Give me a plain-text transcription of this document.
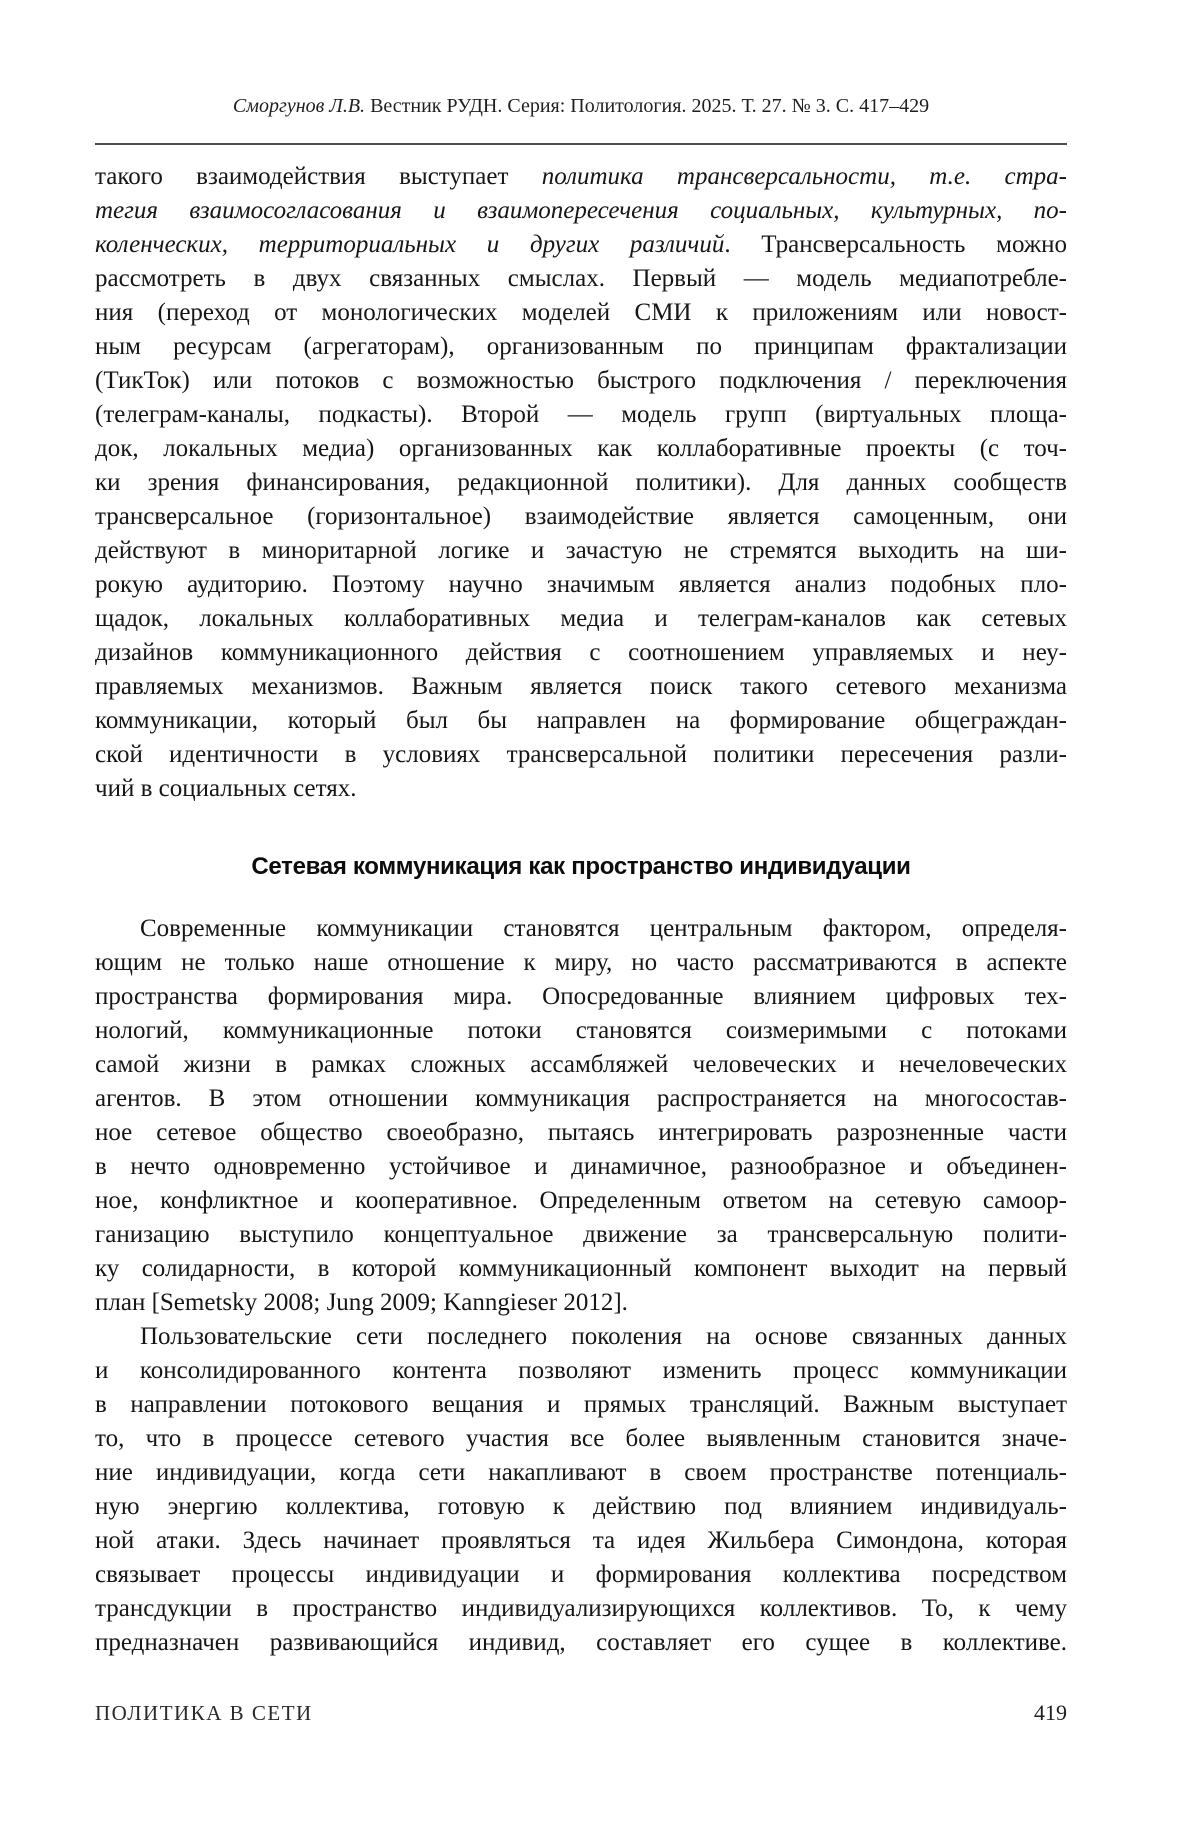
Сморгунов Л.В. Вестник РУДН. Серия: Политология. 2025. Т. 27. № 3. С. 417–429
такого взаимодействия выступает политика трансверсальности, т.е. стра-
тегия взаимосогласования и взаимопересечения социальных, культурных, по-
коленческих, территориальных и других различий. Трансверсальность можно
рассмотреть в двух связанных смыслах. Первый — модель медиапотребле-
ния (переход от монологических моделей СМИ к приложениям или новост-
ным ресурсам (агрегаторам), организованным по принципам фрактализации
(ТикТок) или потоков с возможностью быстрого подключения / переключения
(телеграм-каналы, подкасты). Второй — модель групп (виртуальных площа-
док, локальных медиа) организованных как коллаборативные проекты (с точ-
ки зрения финансирования, редакционной политики). Для данных сообществ
трансверсальное (горизонтальное) взаимодействие является самоценным, они
действуют в миноритарной логике и зачастую не стремятся выходить на ши-
рокую аудиторию. Поэтому научно значимым является анализ подобных пло-
щадок, локальных коллаборативных медиа и телеграм-каналов как сетевых
дизайнов коммуникационного действия с соотношением управляемых и неу-
правляемых механизмов. Важным является поиск такого сетевого механизма
коммуникации, который был бы направлен на формирование общеграждан-
ской идентичности в условиях трансверсальной политики пересечения разли-
чий в социальных сетях.
Сетевая коммуникация как пространство индивидуации
Современные коммуникации становятся центральным фактором, определя-
ющим не только наше отношение к миру, но часто рассматриваются в аспекте
пространства формирования мира. Опосредованные влиянием цифровых тех-
нологий, коммуникационные потоки становятся соизмеримыми с потоками
самой жизни в рамках сложных ассамбляжей человеческих и нечеловеческих
агентов. В этом отношении коммуникация распространяется на многосостав-
ное сетевое общество своеобразно, пытаясь интегрировать разрозненные части
в нечто одновременно устойчивое и динамичное, разнообразное и объединен-
ное, конфликтное и кооперативное. Определенным ответом на сетевую самоор-
ганизацию выступило концептуальное движение за трансверсальную полити-
ку солидарности, в которой коммуникационный компонент выходит на первый
план [Semetsky 2008; Jung 2009; Kanngieser 2012].
Пользовательские сети последнего поколения на основе связанных данных
и консолидированного контента позволяют изменить процесс коммуникации
в направлении потокового вещания и прямых трансляций. Важным выступает
то, что в процессе сетевого участия все более выявленным становится значе-
ние индивидуации, когда сети накапливают в своем пространстве потенциаль-
ную энергию коллектива, готовую к действию под влиянием индивидуаль-
ной атаки. Здесь начинает проявляться та идея Жильбера Симондона, которая
связывает процессы индивидуации и формирования коллектива посредством
трансдукции в пространство индивидуализирующихся коллективов. То, к чему
предназначен развивающийся индивид, составляет его сущее в коллективе.
ПОЛИТИКА В СЕТИ	419
